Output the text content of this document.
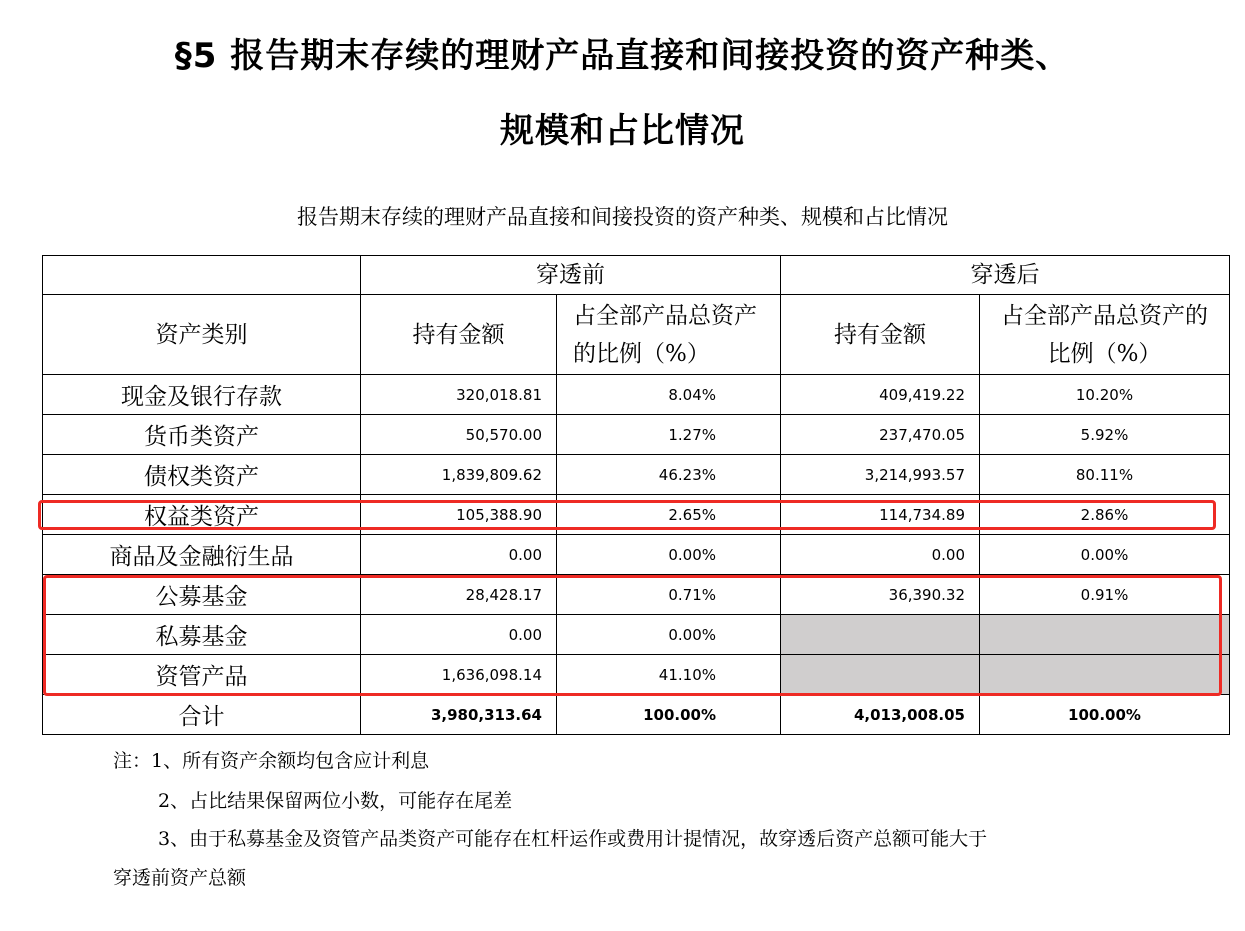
§5 报告期末存续的理财产品直接和间接投资的资产种类、
规模和占比情况
报告期末存续的理财产品直接和间接投资的资产种类、规模和占比情况
	穿透前		穿透后	
资产类别	持有金额	占全部产品总资产的比例（%）	持有金额	占全部产品总资产的比例（%）
现金及银行存款	320,018.81	8.04%	409,419.22	10.20%
货币类资产	50,570.00	1.27%	237,470.05	5.92%
债权类资产	1,839,809.62	46.23%	3,214,993.57	80.11%
权益类资产	105,388.90	2.65%	114,734.89	2.86%
商品及金融衍生品	0.00	0.00%	0.00	0.00%
公募基金	28,428.17	0.71%	36,390.32	0.91%
私募基金	0.00	0.00%		
资管产品	1,636,098.14	41.10%		
合计	3,980,313.64	100.00%	4,013,008.05	100.00%
注：1、所有资产余额均包含应计利息
2、占比结果保留两位小数，可能存在尾差
3、由于私募基金及资管产品类资产可能存在杠杆运作或费用计提情况，故穿透后资产总额可能大于
穿透前资产总额
